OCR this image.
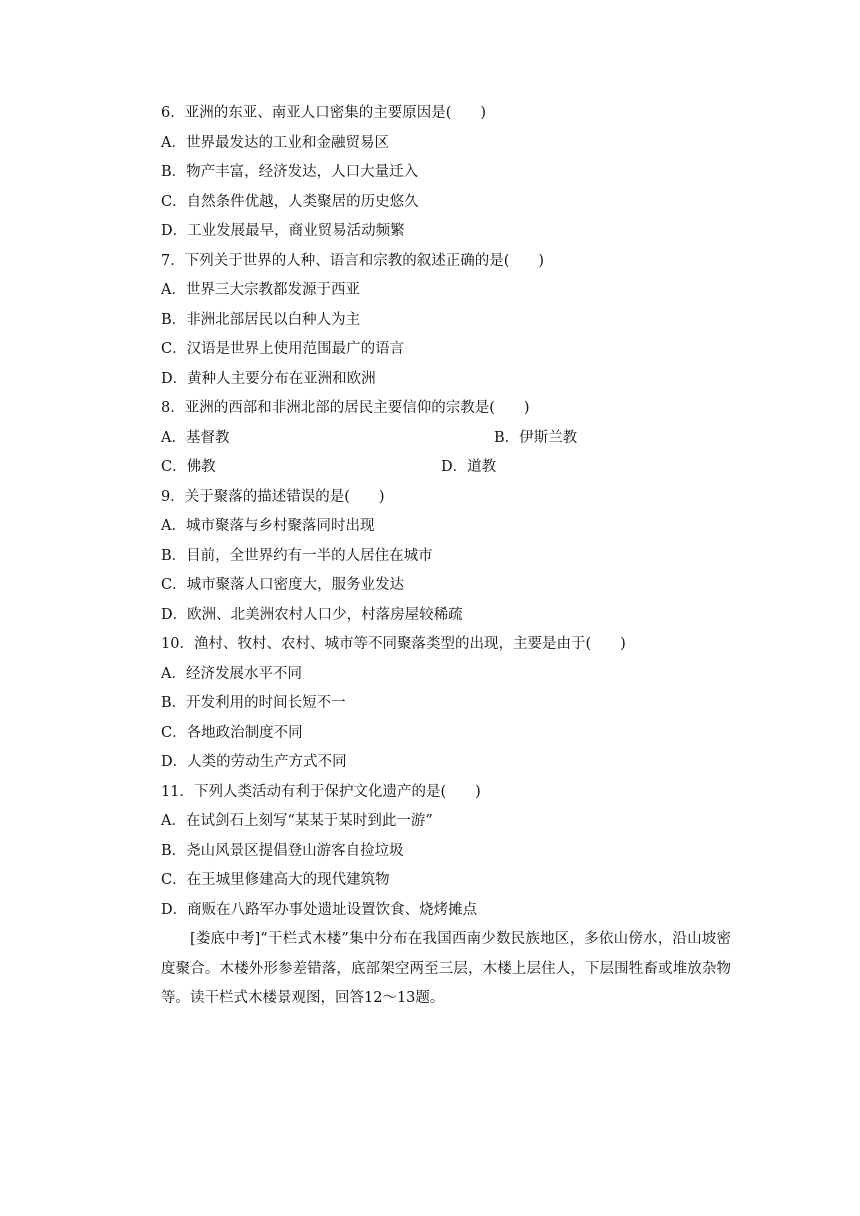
6．亚洲的东亚、南亚人口密集的主要原因是(　　)
A．世界最发达的工业和金融贸易区
B．物产丰富，经济发达，人口大量迁入
C．自然条件优越，人类聚居的历史悠久
D．工业发展最早，商业贸易活动频繁
7．下列关于世界的人种、语言和宗教的叙述正确的是(　　)
A．世界三大宗教都发源于西亚
B．非洲北部居民以白种人为主
C．汉语是世界上使用范围最广的语言
D．黄种人主要分布在亚洲和欧洲
8．亚洲的西部和非洲北部的居民主要信仰的宗教是(　　)
A．基督教	B．伊斯兰教
C．佛教	D．道教
9．关于聚落的描述错误的是(　　)
A．城市聚落与乡村聚落同时出现
B．目前，全世界约有一半的人居住在城市
C．城市聚落人口密度大，服务业发达
D．欧洲、北美洲农村人口少，村落房屋较稀疏
10．渔村、牧村、农村、城市等不同聚落类型的出现，主要是由于(　　)
A．经济发展水平不同
B．开发利用的时间长短不一
C．各地政治制度不同
D．人类的劳动生产方式不同
11．下列人类活动有利于保护文化遗产的是(　　)
A．在试剑石上刻写“某某于某时到此一游”
B．尧山风景区提倡登山游客自捡垃圾
C．在王城里修建高大的现代建筑物
D．商贩在八路军办事处遗址设置饮食、烧烤摊点
[娄底中考]“干栏式木楼”集中分布在我国西南少数民族地区，多依山傍水，沿山坡密度聚合。木楼外形参差错落，底部架空两至三层，木楼上层住人，下层围牲畜或堆放杂物等。读干栏式木楼景观图，回答12～13题。
